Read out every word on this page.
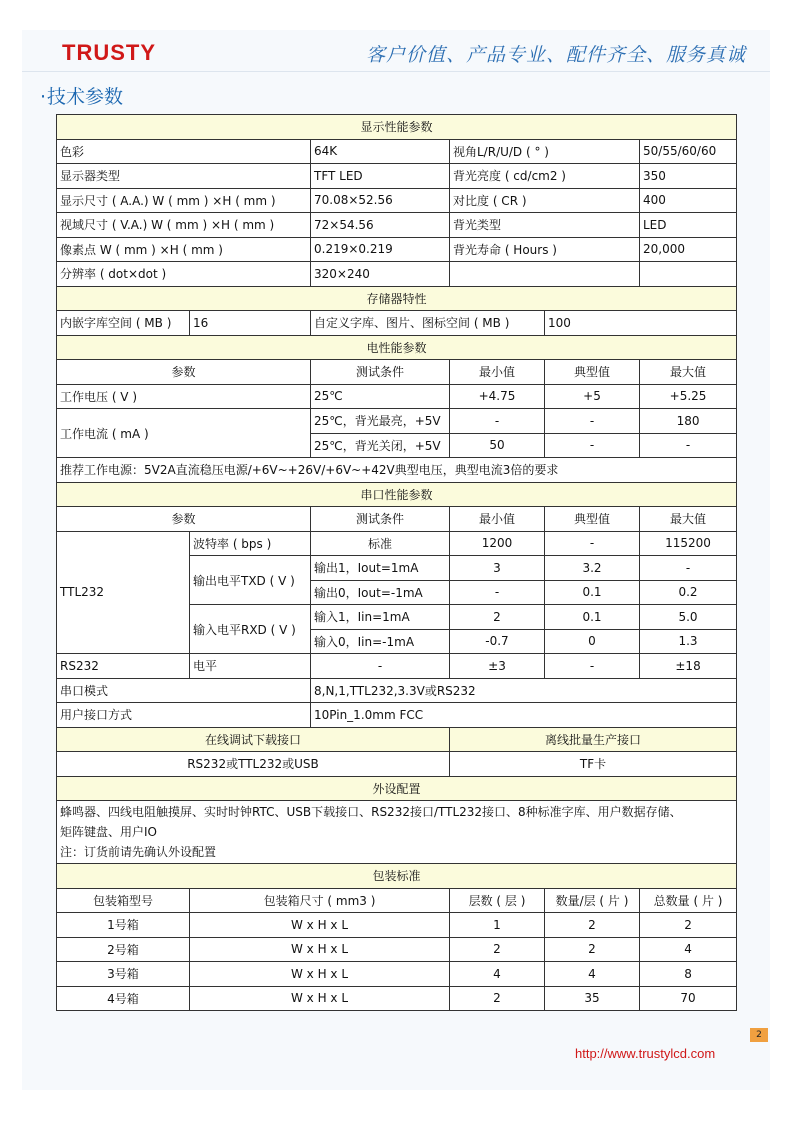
TRUSTY	客户价值、产品专业、配件齐全、服务真诚
·技术参数
显示性能参数					
色彩		64K	视角L/R/U/D ( ° )		50/55/60/60
显示器类型		TFT LED	背光亮度 ( cd/cm2 )		350
显示尺寸 ( A.A.) W ( mm ) ×H ( mm )		70.08×52.56	对比度 ( CR )		400
视域尺寸 ( V.A.) W ( mm ) ×H ( mm )		72×54.56	背光类型		LED
像素点 W ( mm ) ×H ( mm )		0.219×0.219	背光寿命 ( Hours )		20,000
分辨率 ( dot×dot )		320×240			
存储器特性					
内嵌字库空间 ( MB )	16	自定义字库、图片、图标空间 ( MB )		100	
电性能参数					
参数		测试条件	最小值	典型值	最大值
工作电压 ( V )		25℃	+4.75	+5	+5.25
工作电流 ( mA )		25℃，背光最亮，+5V	-	-	180
		25℃，背光关闭，+5V	50	-	-
推荐工作电源：5V2A直流稳压电源/+6V~+26V/+6V~+42V典型电压，典型电流3倍的要求					
串口性能参数					
参数		测试条件	最小值	典型值	最大值
TTL232	波特率 ( bps )	标准	1200	-	115200
	输出电平TXD ( V )	输出1，Iout=1mA	3	3.2	-
		输出0，Iout=-1mA	-	0.1	0.2
	输入电平RXD ( V )	输入1，Iin=1mA	2	0.1	5.0
		输入0，Iin=-1mA	-0.7	0	1.3
RS232	电平	-	±3	-	±18
串口模式		8,N,1,TTL232,3.3V或RS232			
用户接口方式		10Pin_1.0mm FCC			
在线调试下载接口			离线批量生产接口		
RS232或TTL232或USB			TF卡		
外设配置					

蜂鸣器、四线电阻触摸屏、实时时钟RTC、USB下载接口、RS232接口/TTL232接口、8种标准字库、用户数据存储、
矩阵键盘、用户IO
注：订货前请先确认外设配置					

包装标准					
包装箱型号	包装箱尺寸 ( mm3 )		层数 ( 层 )	数量/层 ( 片 )	总数量 ( 片 )
1号箱	W x H x L		1	2	2
2号箱	W x H x L		2	2	4
3号箱	W x H x L		4	4	8
4号箱	W x H x L		2	35	70
2
http://www.trustylcd.com
